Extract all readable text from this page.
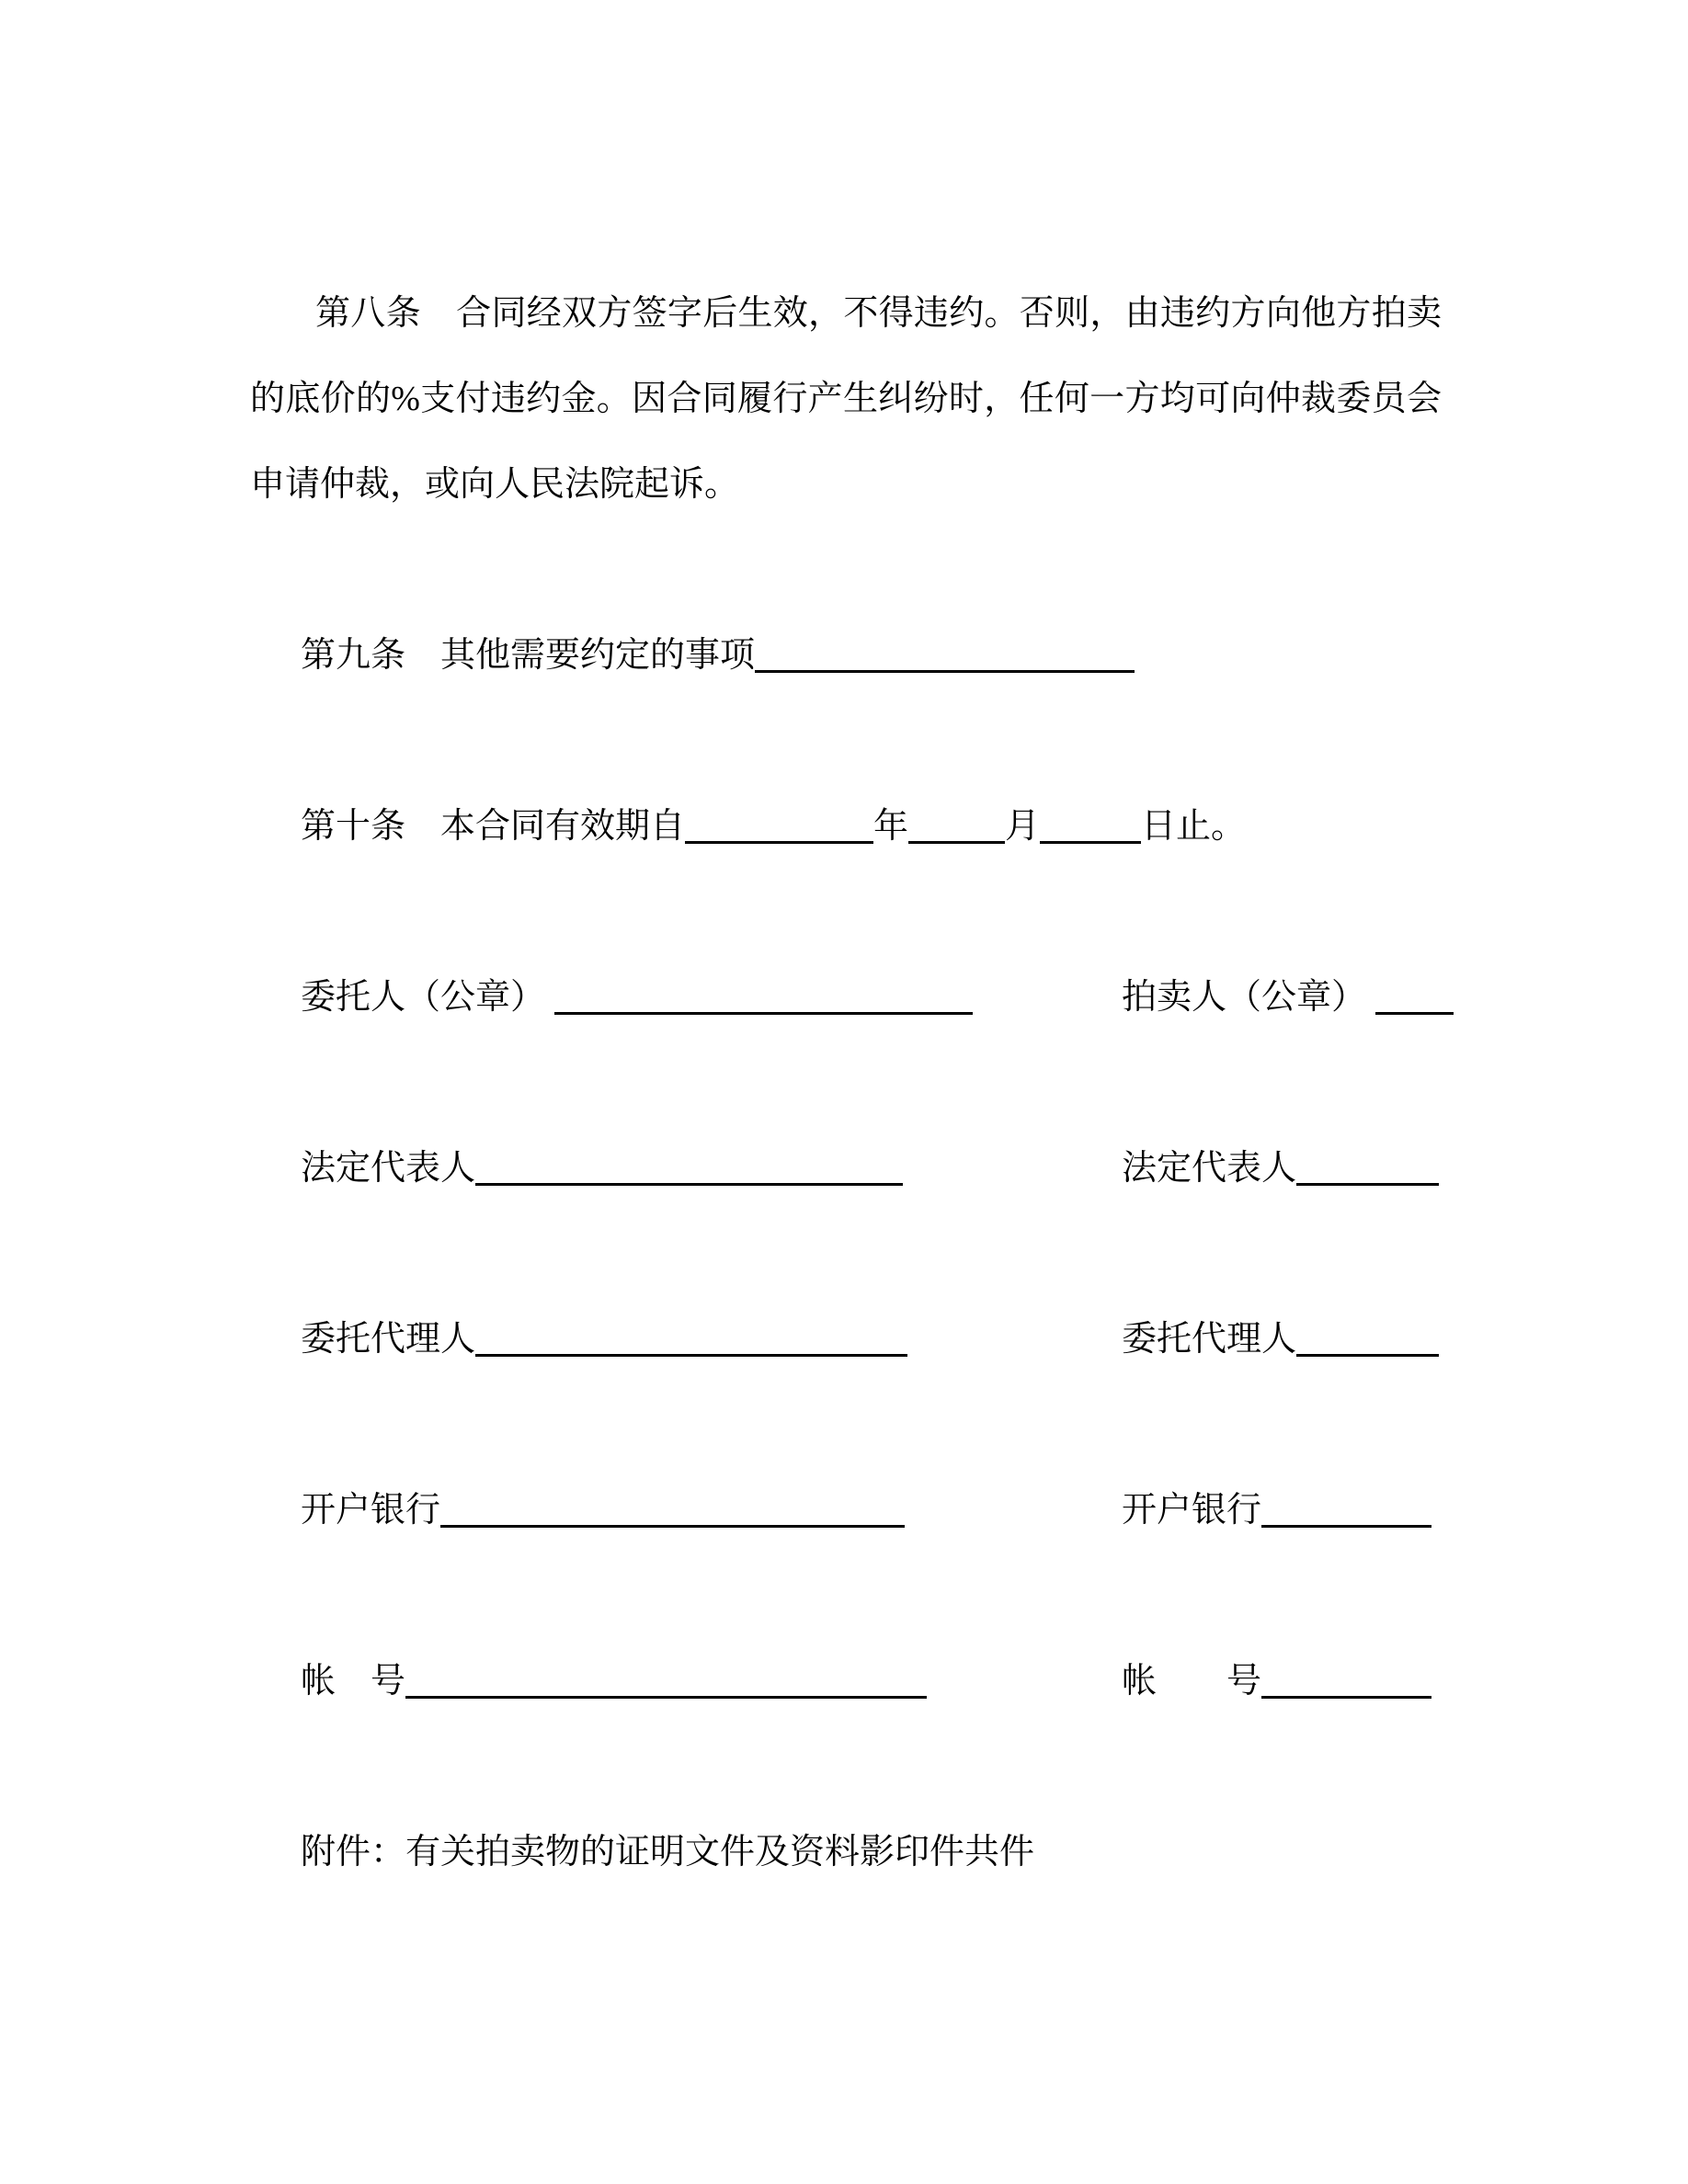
第八条　合同经双方签字后生效，不得违约。否则，由违约方向他方拍卖的底价的%支付违约金。因合同履行产生纠纷时，任何一方均可向仲裁委员会申请仲裁，或向人民法院起诉。

第九条　其他需要约定的事项
第十条　本合同有效期自	年	月	日止。
委托人（公章）	拍卖人（公章）
法定代表人	法定代表人
委托代理人	委托代理人
开户银行	开户银行
帐　号	帐　　号
附件：有关拍卖物的证明文件及资料影印件共件
